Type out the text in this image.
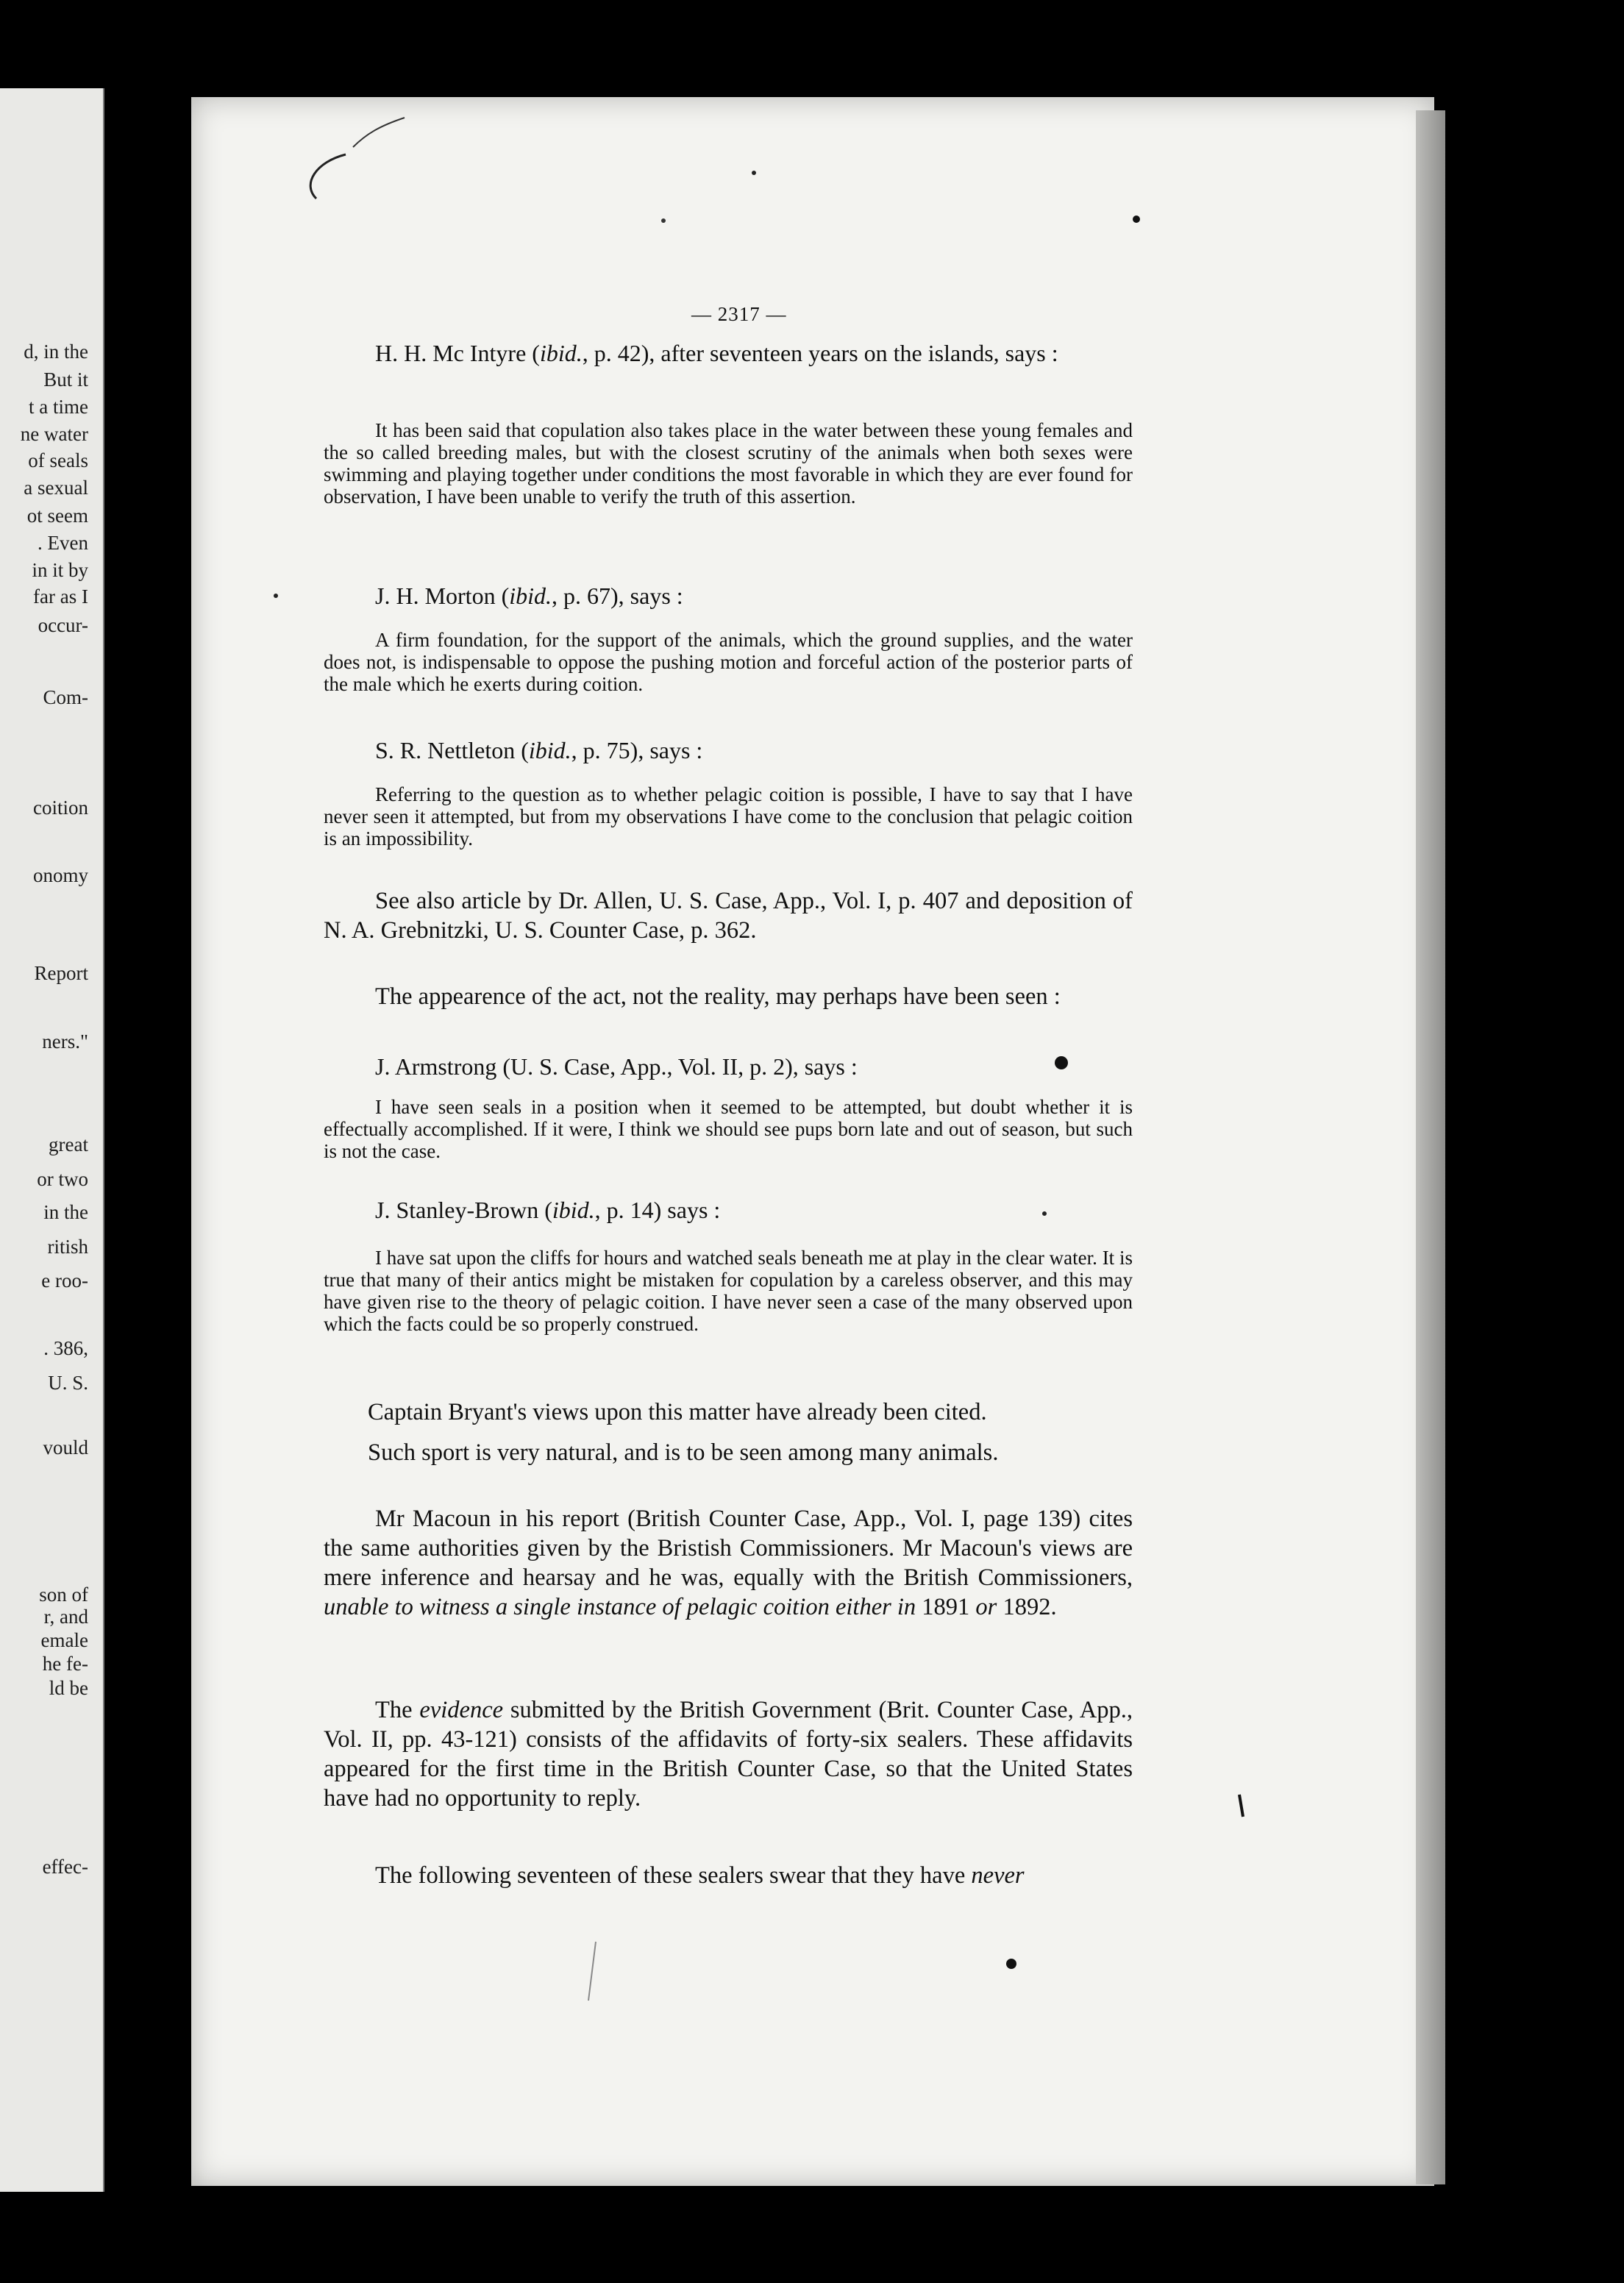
d, in the
But it
t a time
ne water
of seals
a sexual
ot seem
. Even
in it by
far as I
occur-
Com-
coition
onomy
Report
ners."
great
or two
in the
ritish
e roo-
. 386,
U. S.
vould
son of
r, and
emale
he fe-
ld be
effec-
— 2317 —
H. H. Mc Intyre (ibid., p. 42), after seventeen years on the islands, says :
It has been said that copulation also takes place in the water between these young females and the so called breeding males, but with the closest scrutiny of the animals when both sexes were swimming and playing together under conditions the most favorable in which they are ever found for observation, I have been unable to verify the truth of this assertion.
J. H. Morton (ibid., p. 67), says :
A firm foundation, for the support of the animals, which the ground supplies, and the water does not, is indispensable to oppose the pushing motion and forceful action of the posterior parts of the male which he exerts during coition.
S. R. Nettleton (ibid., p. 75), says :
Referring to the question as to whether pelagic coition is possible, I have to say that I have never seen it attempted, but from my observations I have come to the conclusion that pelagic coition is an impossibility.
See also article by Dr. Allen, U. S. Case, App., Vol. I, p. 407 and deposition of N. A. Grebnitzki, U. S. Counter Case, p. 362.
The appearence of the act, not the reality, may perhaps have been seen :
J. Armstrong (U. S. Case, App., Vol. II, p. 2), says :
I have seen seals in a position when it seemed to be attempted, but doubt whether it is effectually accomplished. If it were, I think we should see pups born late and out of season, but such is not the case.
J. Stanley-Brown (ibid., p. 14) says :
I have sat upon the cliffs for hours and watched seals beneath me at play in the clear water. It is true that many of their antics might be mistaken for copulation by a careless observer, and this may have given rise to the theory of pelagic coition. I have never seen a case of the many observed upon which the facts could be so properly construed.
Captain Bryant's views upon this matter have already been cited.
Such sport is very natural, and is to be seen among many animals.
Mr Macoun in his report (British Counter Case, App., Vol. I, page 139) cites the same authorities given by the Bristish Commissioners. Mr Macoun's views are mere inference and hearsay and he was, equally with the British Commissioners, unable to witness a single instance of pelagic coition either in 1891 or 1892.
The evidence submitted by the British Government (Brit. Counter Case, App., Vol. II, pp. 43-121) consists of the affidavits of forty-six sealers. These affidavits appeared for the first time in the British Counter Case, so that the United States have had no opportunity to reply.
The following seventeen of these sealers swear that they have never
